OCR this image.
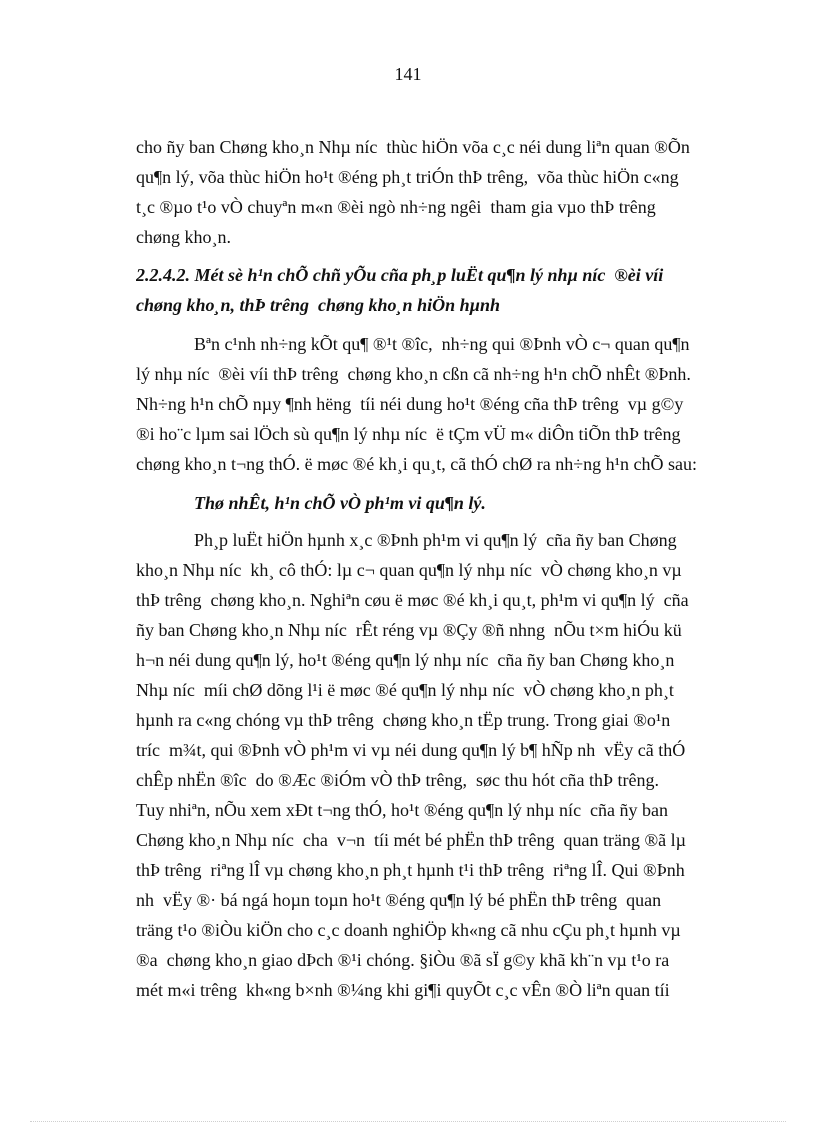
141
cho ñy ban Chøng kho¸n Nhµ níc  thùc hiÖn võa c¸c néi dung liªn quan ®Õn
qu¶n lý, võa thùc hiÖn ho¹t ®éng ph¸t triÓn thÞ trêng,  võa thùc hiÖn c«ng
t¸c ®µo t¹o vÒ chuyªn m«n ®èi ngò nh÷ng ngêi  tham gia vµo thÞ trêng
chøng kho¸n.
2.2.4.2. Mét sè h¹n chÕ chñ yÕu cña ph¸p luËt qu¶n lý nhµ níc  ®èi víi
chøng kho¸n, thÞ trêng  chøng kho¸n hiÖn hµnh
Bªn c¹nh nh÷ng kÕt qu¶ ®¹t ®îc,  nh÷ng qui ®Þnh vÒ c¬ quan qu¶n
lý nhµ níc  ®èi víi thÞ trêng  chøng kho¸n cßn cã nh÷ng h¹n chÕ nhÊt ®Þnh.
Nh÷ng h¹n chÕ nµy ¶nh hëng  tíi néi dung ho¹t ®éng cña thÞ trêng  vµ g©y
®i ho¨c lµm sai lÖch sù qu¶n lý nhµ níc  ë tÇm vÜ m« diÔn tiÕn thÞ trêng
chøng kho¸n t¬ng thÓ. ë møc ®é kh¸i qu¸t, cã thÓ chØ ra nh÷ng h¹n chÕ sau:
Thø nhÊt, h¹n chÕ vÒ ph¹m vi qu¶n lý.
Ph¸p luËt hiÖn hµnh x¸c ®Þnh ph¹m vi qu¶n lý  cña ñy ban Chøng
kho¸n Nhµ níc  kh¸ cô thÓ: lµ c¬ quan qu¶n lý nhµ níc  vÒ chøng kho¸n vµ
thÞ trêng  chøng kho¸n. Nghiªn cøu ë møc ®é kh¸i qu¸t, ph¹m vi qu¶n lý  cña
ñy ban Chøng kho¸n Nhµ níc  rÊt réng vµ ®Çy ®ñ nhng  nÕu t×m hiÓu kü
h¬n néi dung qu¶n lý, ho¹t ®éng qu¶n lý nhµ níc  cña ñy ban Chøng kho¸n
Nhµ níc  míi chØ dõng l¹i ë møc ®é qu¶n lý nhµ níc  vÒ chøng kho¸n ph¸t
hµnh ra c«ng chóng vµ thÞ trêng  chøng kho¸n tËp trung. Trong giai ®o¹n
tríc  m¾t, qui ®Þnh vÒ ph¹m vi vµ néi dung qu¶n lý b¶ hÑp nh  vËy cã thÓ
chÊp nhËn ®îc  do ®Æc ®iÓm vÒ thÞ trêng,  søc thu hót cña thÞ trêng.
Tuy nhiªn, nÕu xem xÐt t¬ng thÓ, ho¹t ®éng qu¶n lý nhµ níc  cña ñy ban
Chøng kho¸n Nhµ níc  cha  v¬n  tíi mét bé phËn thÞ trêng  quan träng ®ã lµ
thÞ trêng  riªng lÎ vµ chøng kho¸n ph¸t hµnh t¹i thÞ trêng  riªng lÎ. Qui ®Þnh
nh  vËy ®· bá ngá hoµn toµn ho¹t ®éng qu¶n lý bé phËn thÞ trêng  quan
träng t¹o ®iÒu kiÖn cho c¸c doanh nghiÖp kh«ng cã nhu cÇu ph¸t hµnh vµ
®a  chøng kho¸n giao dÞch ®¹i chóng. §iÒu ®ã sÏ g©y khã kh¨n vµ t¹o ra
mét m«i trêng  kh«ng b×nh ®¼ng khi gi¶i quyÕt c¸c vÊn ®Ò liªn quan tíi
